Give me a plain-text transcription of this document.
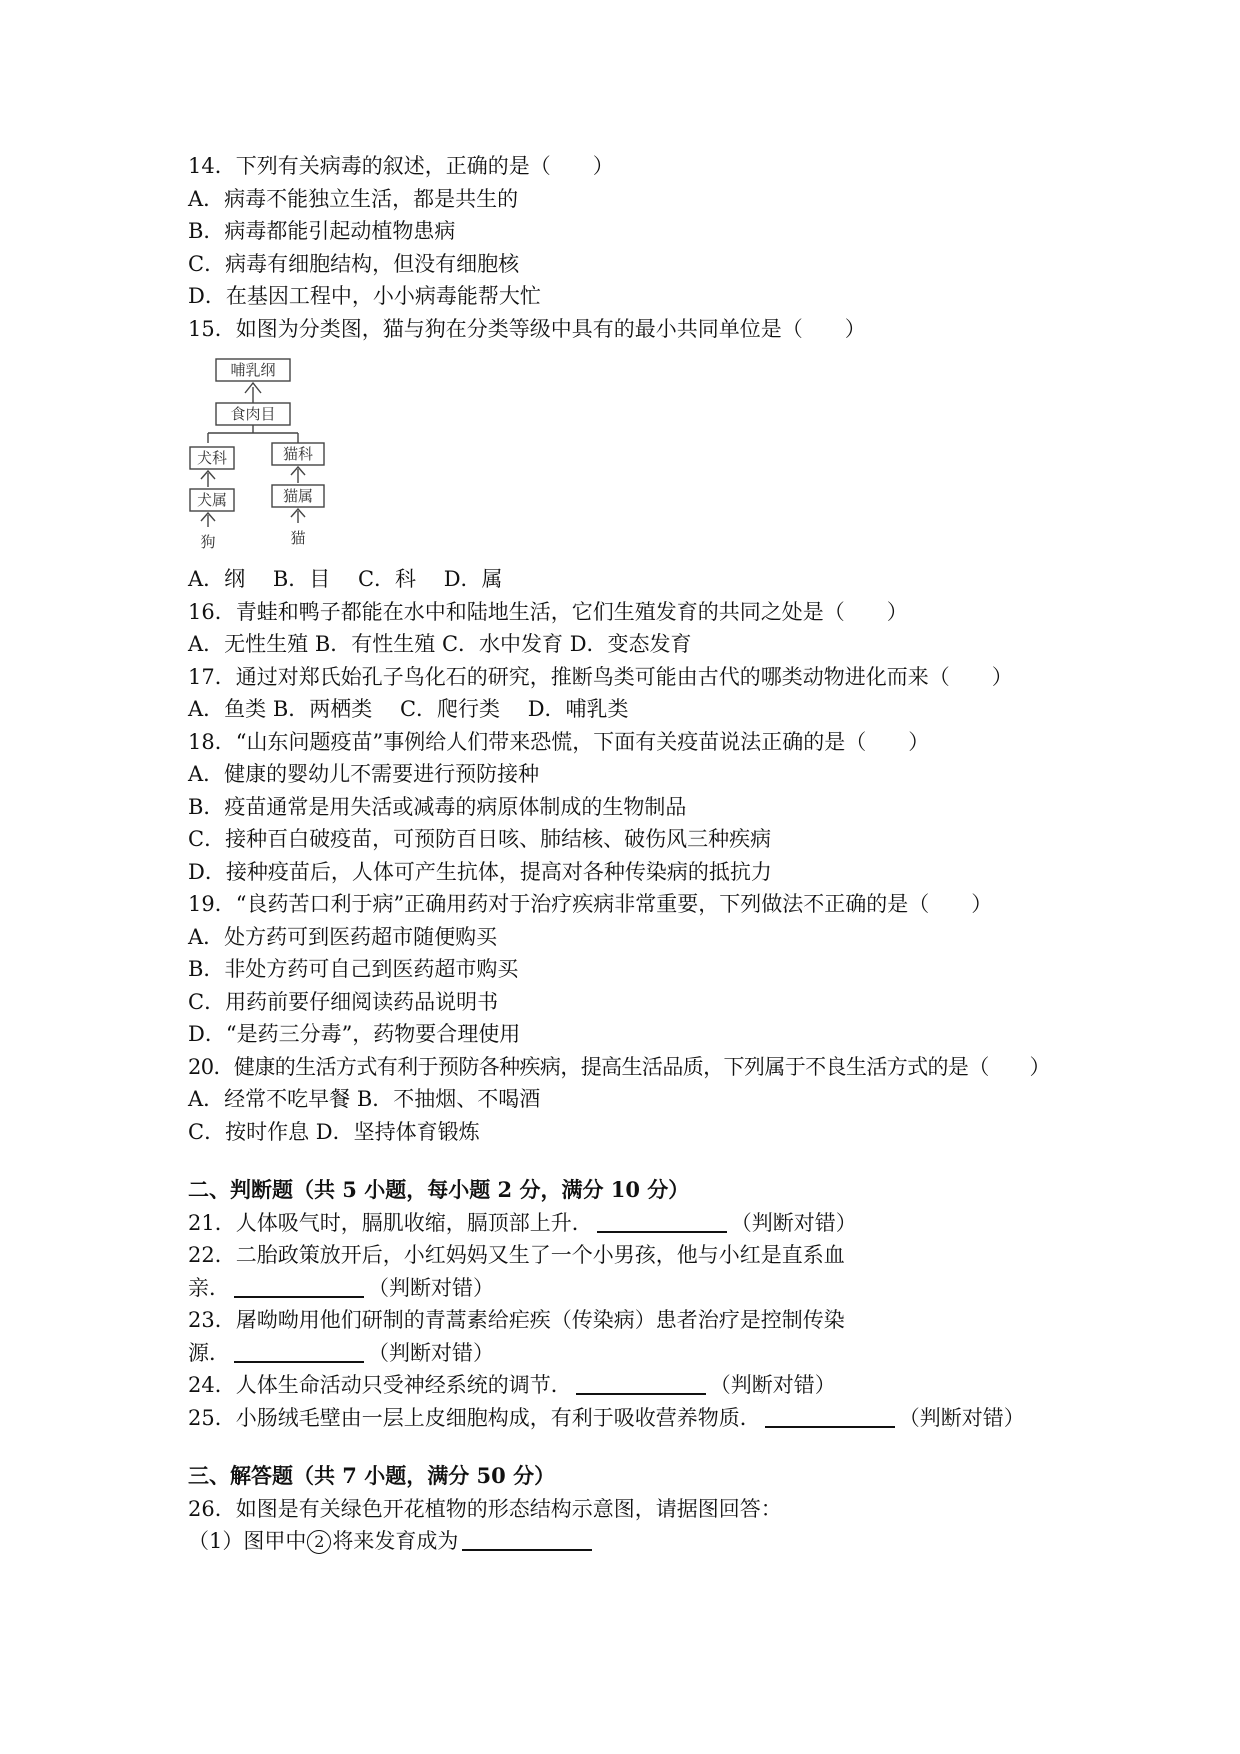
14．下列有关病毒的叙述，正确的是（　　）
A．病毒不能独立生活，都是共生的
B．病毒都能引起动植物患病
C．病毒有细胞结构，但没有细胞核
D．在基因工程中，小小病毒能帮大忙
15．如图为分类图，猫与狗在分类等级中具有的最小共同单位是（　　）
哺乳纲
食肉目
犬科	猫科
犬属	猫属
狗	猫
A．纲　 B．目　 C．科　 D．属
16．青蛙和鸭子都能在水中和陆地生活，它们生殖发育的共同之处是（　　）
A．无性生殖 B．有性生殖 C．水中发育 D．变态发育
17．通过对郑氏始孔子鸟化石的研究，推断鸟类可能由古代的哪类动物进化而来（　　）
A．鱼类 B．两栖类　 C．爬行类　 D．哺乳类
18．“山东问题疫苗”事例给人们带来恐慌，下面有关疫苗说法正确的是（　　）
A．健康的婴幼儿不需要进行预防接种
B．疫苗通常是用失活或减毒的病原体制成的生物制品
C．接种百白破疫苗，可预防百日咳、肺结核、破伤风三种疾病
D．接种疫苗后，人体可产生抗体，提高对各种传染病的抵抗力
19．“良药苦口利于病”正确用药对于治疗疾病非常重要，下列做法不正确的是（　　）
A．处方药可到医药超市随便购买
B．非处方药可自己到医药超市购买
C．用药前要仔细阅读药品说明书
D．“是药三分毒”，药物要合理使用
20．健康的生活方式有利于预防各种疾病，提高生活品质，下列属于不良生活方式的是（　　）
A．经常不吃早餐 B．不抽烟、不喝酒
C．按时作息 D．坚持体育锻炼
二、判断题（共 5 小题，每小题 2 分，满分 10 分）
21．人体吸气时，膈肌收缩，膈顶部上升．	（判断对错）
22．二胎政策放开后，小红妈妈又生了一个小男孩，他与小红是直系血
亲．	（判断对错）
23．屠呦呦用他们研制的青蒿素给疟疾（传染病）患者治疗是控制传染
源．	（判断对错）
24．人体生命活动只受神经系统的调节．	（判断对错）
25．小肠绒毛壁由一层上皮细胞构成，有利于吸收营养物质．	（判断对错）
三、解答题（共 7 小题，满分 50 分）
26．如图是有关绿色开花植物的形态结构示意图，请据图回答：
（1）图甲中 2 将来发育成为
